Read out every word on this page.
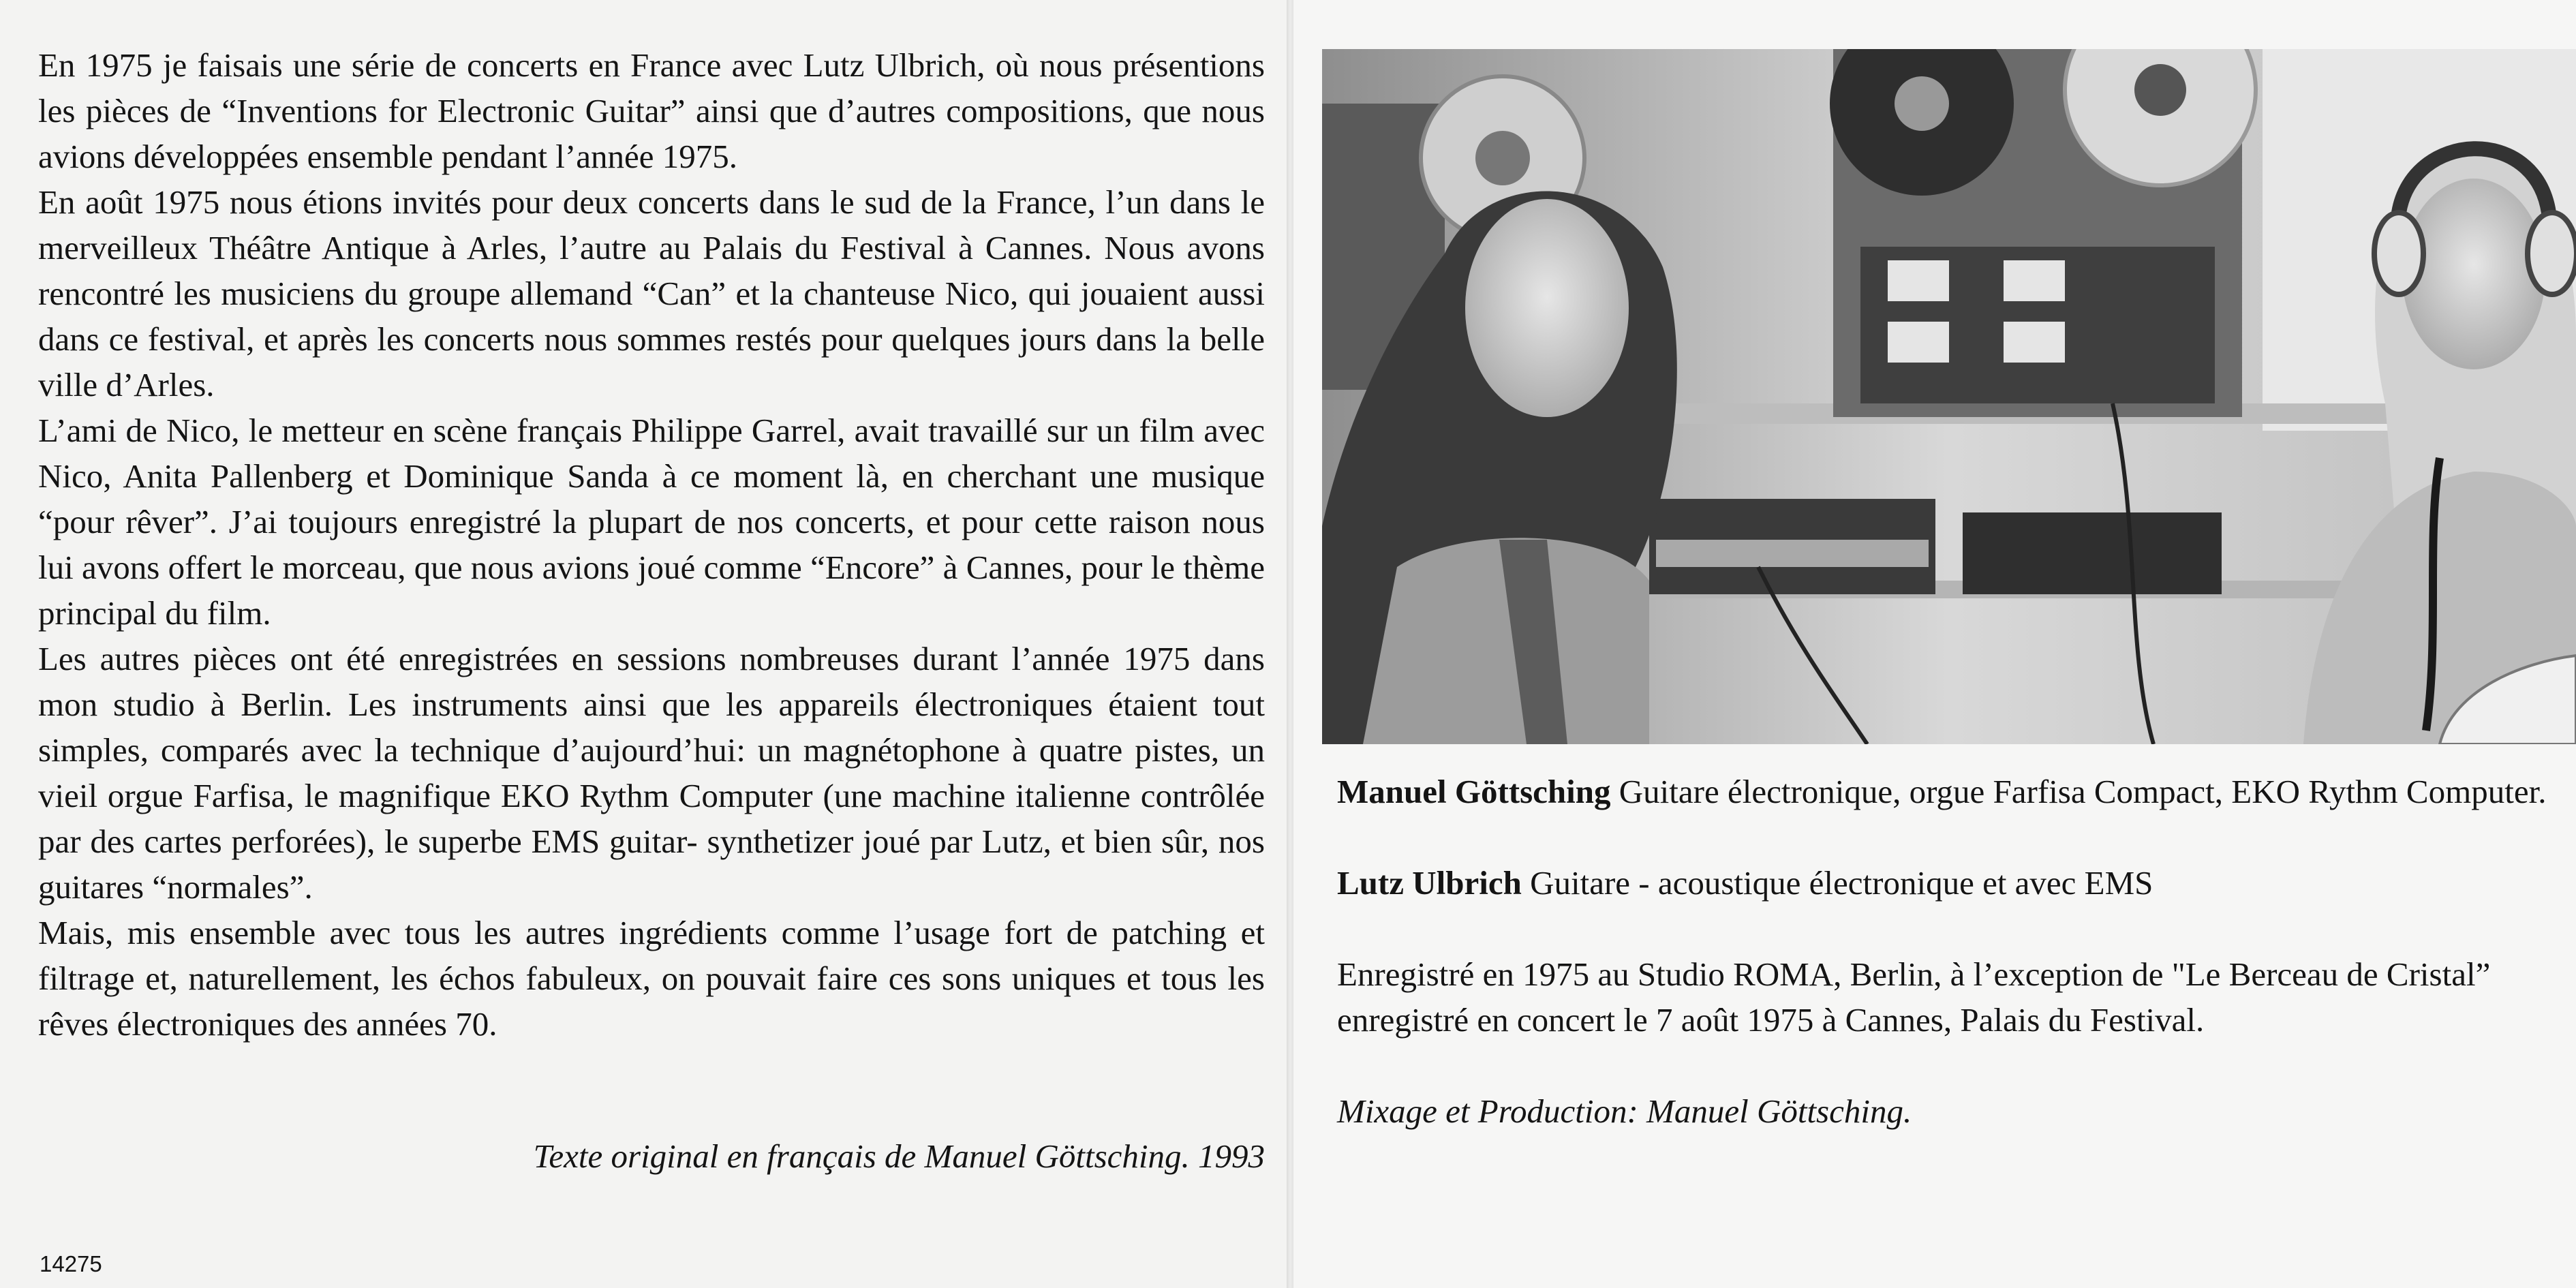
En 1975 je faisais une série de concerts en France avec Lutz Ulbrich, où nous présentions les pièces de “Inventions for Electronic Guitar” ainsi que d’autres compositions, que nous avions développées ensemble pendant l’année 1975.

En août 1975 nous étions invités pour deux concerts dans le sud de la France, l’un dans le merveilleux Théâtre Antique à Arles, l’autre au Palais du Festival à Cannes. Nous avons rencontré les musiciens du groupe allemand “Can” et la chanteuse Nico, qui jouaient aussi dans ce festival, et après les concerts nous sommes restés pour quelques jours dans la belle ville d’Arles.

L’ami de Nico, le metteur en scène français Philippe Garrel, avait travaillé sur un film avec Nico, Anita Pallenberg et Dominique Sanda à ce moment là, en cherchant une musique “pour rêver”. J’ai toujours enregistré la plupart de nos concerts, et pour cette raison nous lui avons offert le morceau, que nous avions joué comme “Encore” à Cannes, pour le thème principal du film.

Les autres pièces ont été enregistrées en sessions nombreuses durant l’année 1975 dans mon studio à Berlin. Les instruments ainsi que les appareils électroniques étaient tout simples, comparés avec la technique d’aujourd’hui: un magnétophone à quatre pistes, un vieil orgue Farfisa, le magnifique EKO Rythm Computer (une machine italienne contrôlée par des cartes perforées), le superbe EMS guitar- synthetizer joué par Lutz, et bien sûr, nos guitares “normales”.

Mais, mis ensemble avec tous les autres ingrédients comme l’usage fort de patching et filtrage et, naturellement, les échos fabuleux, on pouvait faire ces sons uniques et tous les rêves électroniques des années 70.

Texte original en français de Manuel Göttsching. 1993
14275

Manuel Göttsching Guitare électronique, orgue Farfisa Compact, EKO Rythm Computer.

Lutz Ulbrich Guitare - acoustique électronique et avec EMS

Enregistré en 1975 au Studio ROMA, Berlin, à l’exception de "Le Berceau de Cristal” enregistré en concert le 7 août 1975 à Cannes, Palais du Festival.

Mixage et Production: Manuel Göttsching.
